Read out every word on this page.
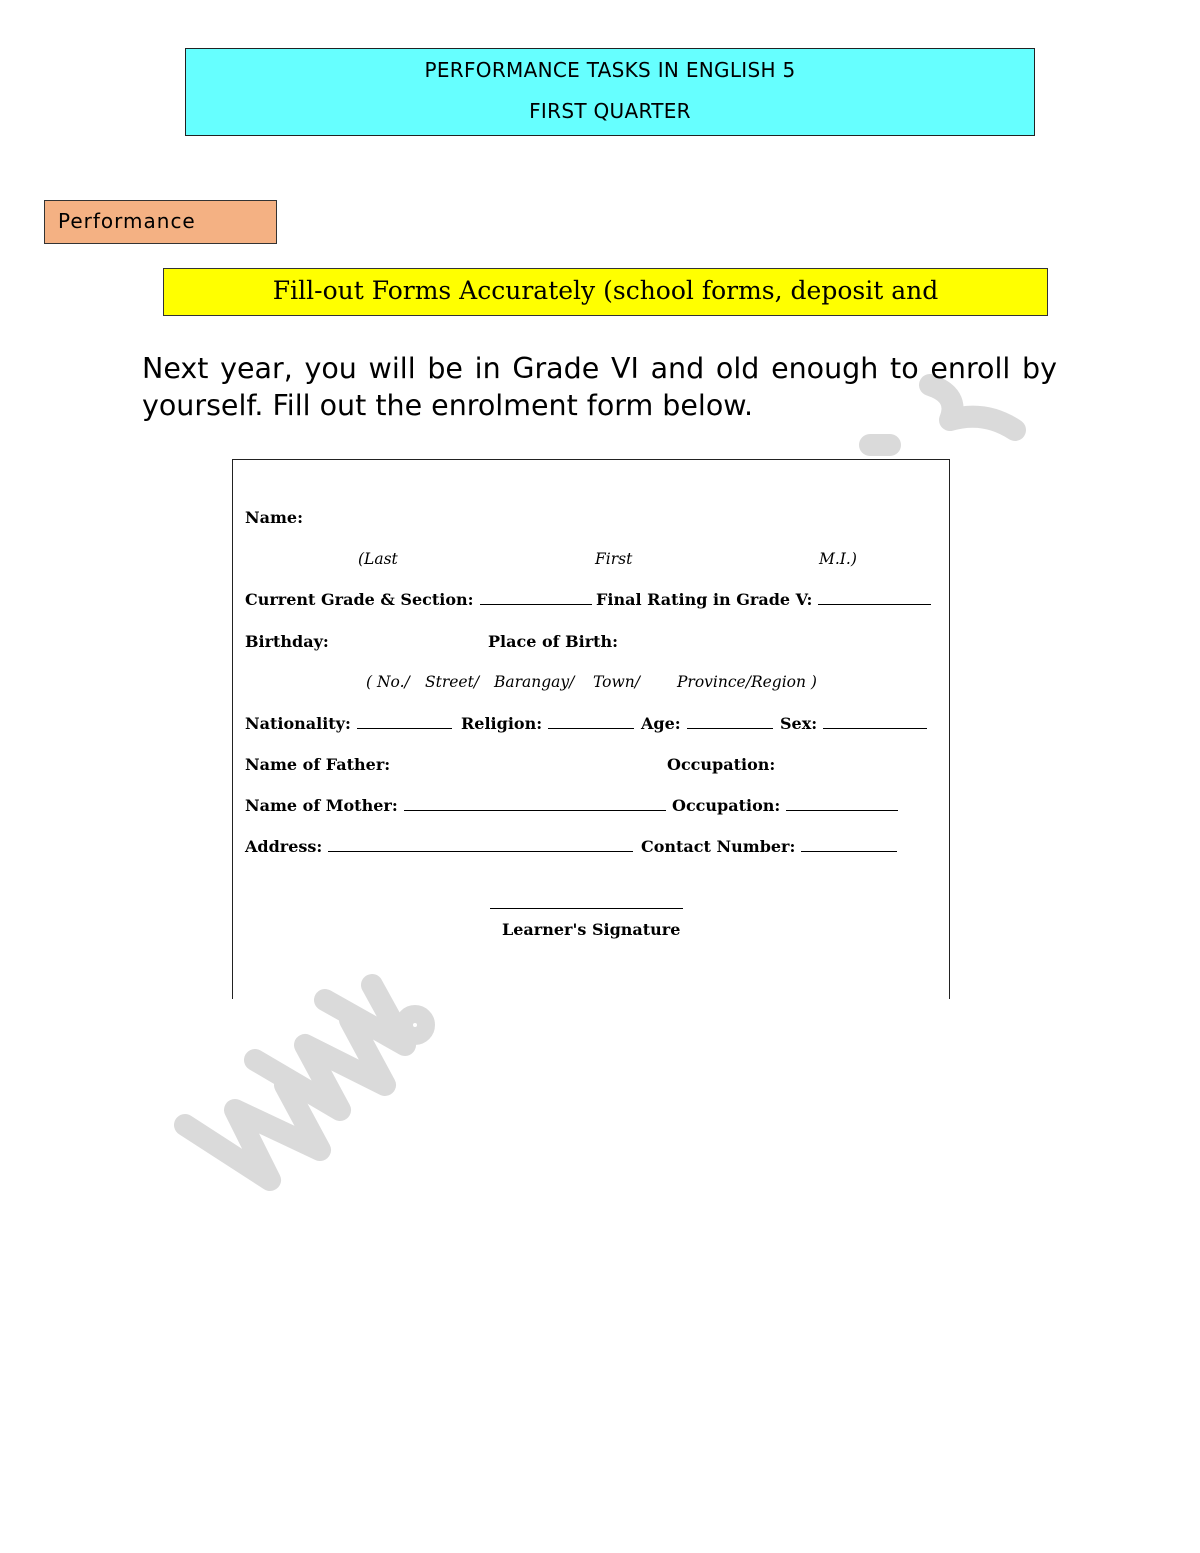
PERFORMANCE TASKS IN ENGLISH 5
FIRST QUARTER
Performance
Fill-out Forms Accurately (school forms, deposit and
Next year, you will be in Grade VI and old enough to enroll by yourself. Fill out the enrolment form below.
Name:
(Last	First	M.I.)
Current Grade & Section:	Final Rating in Grade V:
Birthday:	Place of Birth:
( No./ Street/ Barangay/ Town/ Province/Region )
Nationality:	Religion:	Age:	Sex:
Name of Father:	Occupation:
Name of Mother:	Occupation:
Address:	Contact Number:
Learner's Signature
